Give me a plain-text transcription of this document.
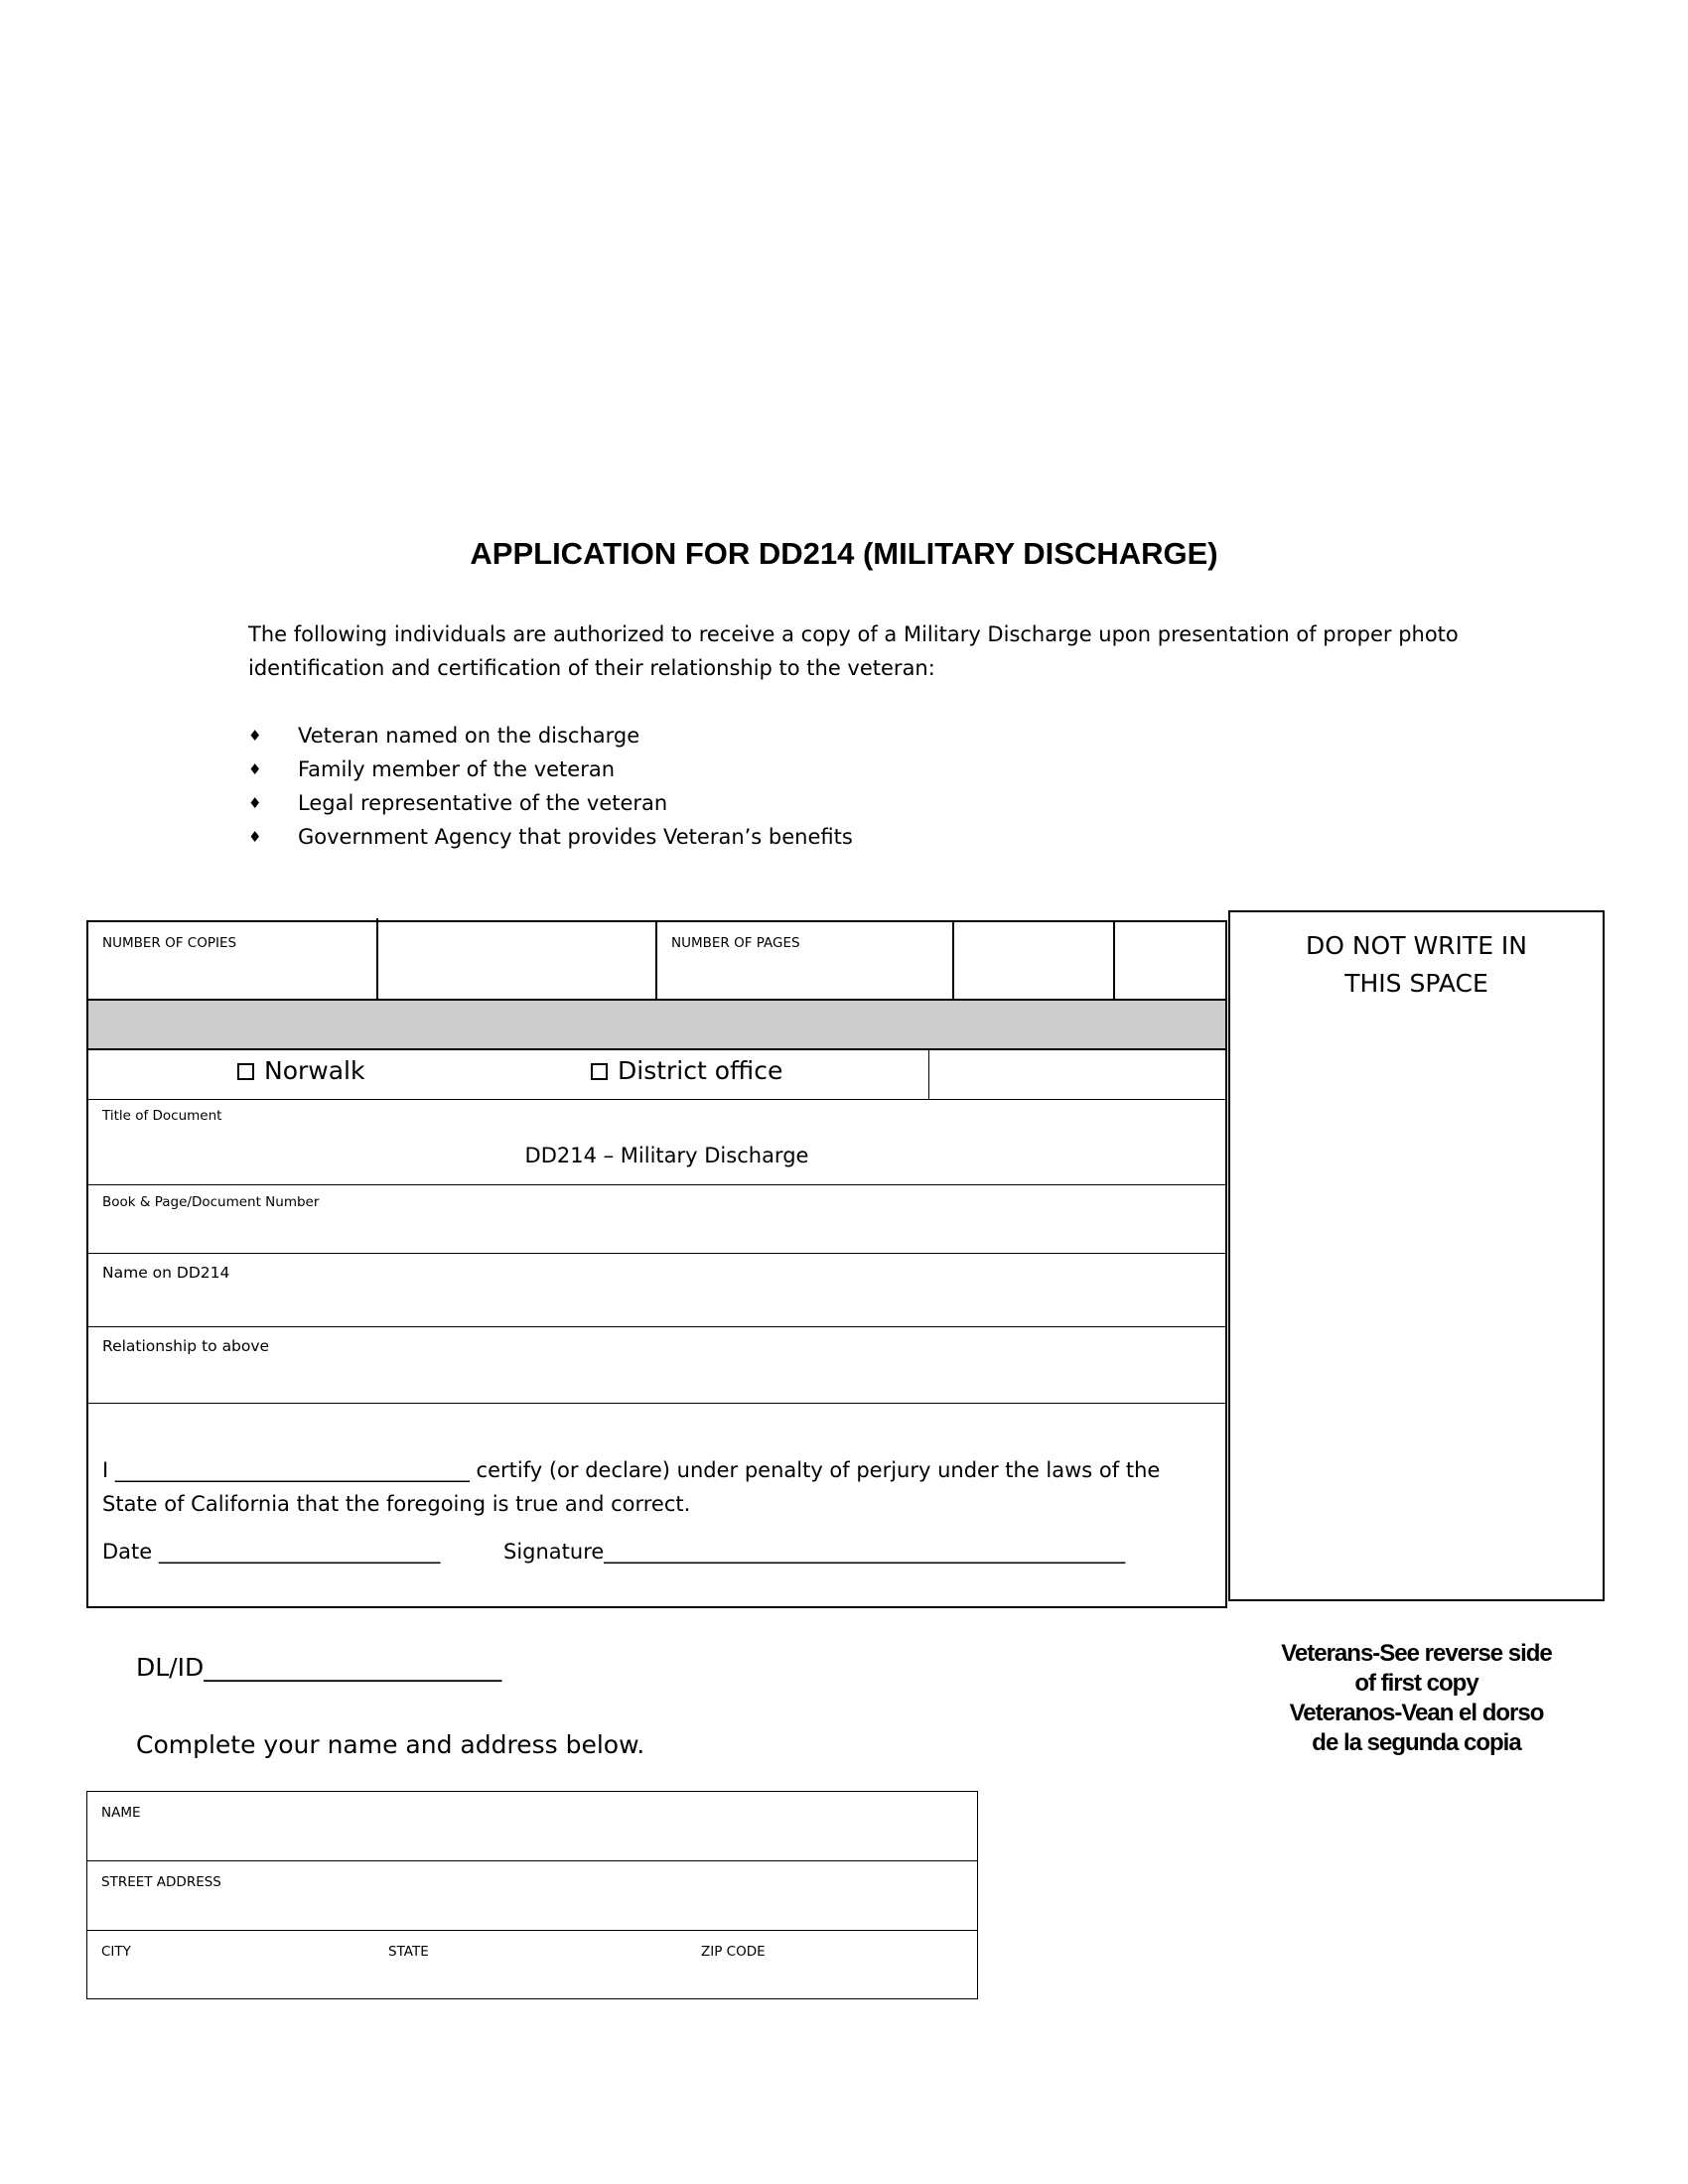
APPLICATION FOR DD214 (MILITARY DISCHARGE)
The following individuals are authorized to receive a copy of a Military Discharge upon presentation of proper photo identification and certification of their relationship to the veteran:
♦	Veteran named on the discharge
♦	Family member of the veteran
♦	Legal representative of the veteran
♦	Government Agency that provides Veteran’s benefits
NUMBER OF COPIES	NUMBER OF PAGES
Norwalk	District office
Title of Document
DD214 – Military Discharge
Book & Page/Document Number
Name on DD214
Relationship to above
I __________________________________ certify (or declare) under penalty of perjury under the laws of the State of California that the foregoing is true and correct.
Date ___________________________	Signature__________________________________________________
DO NOT WRITE IN THIS SPACE
Veterans-See reverse side
of first copy
Veteranos-Vean el dorso
de la segunda copia
DL/ID________________________
Complete your name and address below.
NAME
STREET ADDRESS
CITY	STATE	ZIP CODE
